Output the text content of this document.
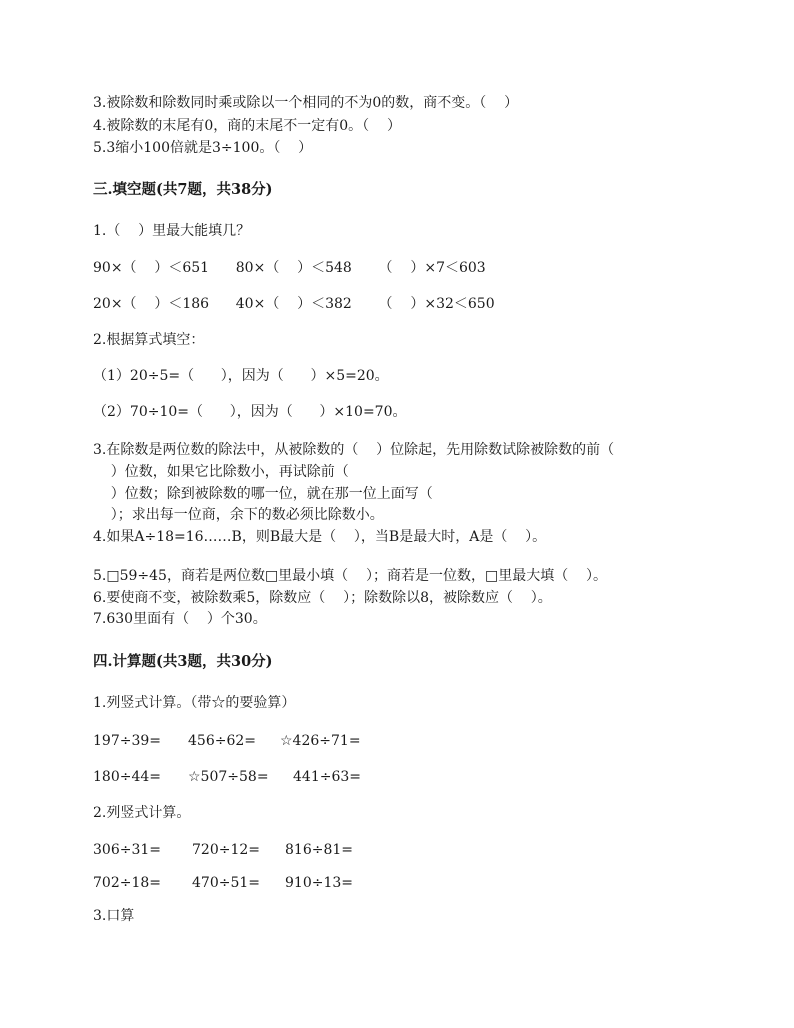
3.被除数和除数同时乘或除以一个相同的不为0的数，商不变。（    ）
4.被除数的末尾有0，商的末尾不一定有0。（    ）
5.3缩小100倍就是3÷100。（    ）
三.填空题(共7题，共38分)
1.（    ）里最大能填几？
90×（    ）＜651      80×（    ）＜548      （    ）×7＜603
20×（    ）＜186      40×（    ）＜382      （    ）×32＜650
2.根据算式填空：
（1）20÷5=（      ），因为（      ）×5=20。
（2）70÷10=（      ），因为（      ）×10=70。
3.在除数是两位数的除法中，从被除数的（    ）位除起，先用除数试除被除数的前（
）位数，如果它比除数小，再试除前（
）位数；除到被除数的哪一位，就在那一位上面写（
）；求出每一位商，余下的数必须比除数小。
4.如果A÷18=16……B，则B最大是（    ），当B是最大时，A是（    ）。
5.□59÷45，商若是两位数□里最小填（    ）；商若是一位数，□里最大填（    ）。
6.要使商不变，被除数乘5，除数应（    ）；除数除以8，被除数应（    ）。
7.630里面有（    ）个30。
四.计算题(共3题，共30分)
1.列竖式计算。（带☆的要验算）
197÷39= 456÷62= ☆426÷71=
180÷44= ☆507÷58= 441÷63=
2.列竖式计算。
306÷31= 720÷12= 816÷81=
702÷18= 470÷51= 910÷13=
3.口算
